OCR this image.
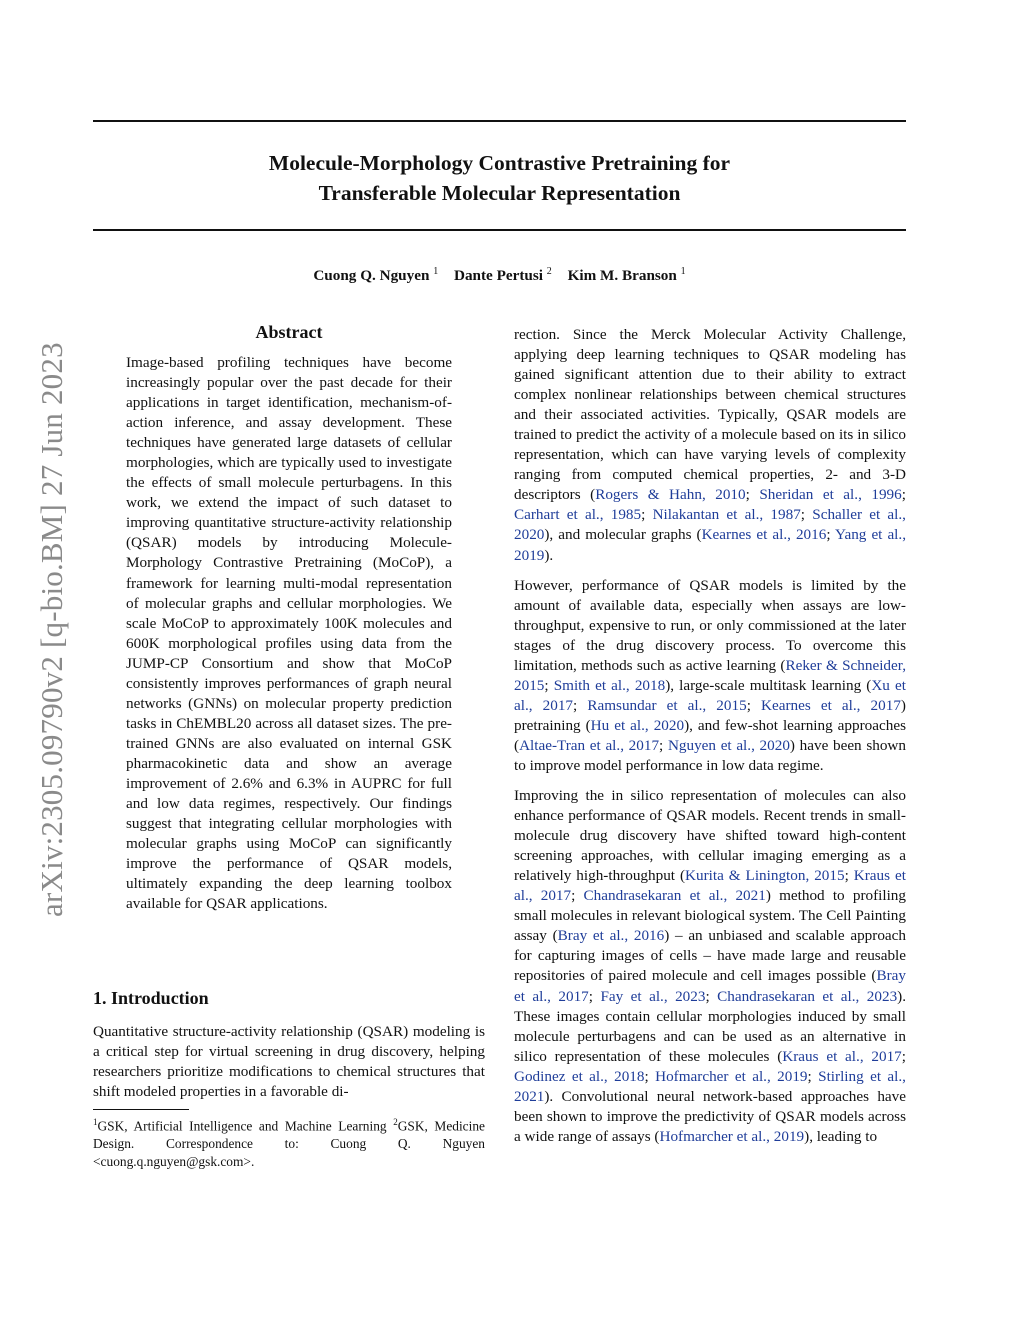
Molecule-Morphology Contrastive Pretraining for
Transferable Molecular Representation
Cuong Q. Nguyen $^1$ Dante Pertusi $^2$ Kim M. Branson $^1$
arXiv:2305.09790v2 [q-bio.BM] 27 Jun 2023
Abstract
Image-based profiling techniques have become increasingly popular over the past decade for their applications in target identification, mechanism-of-action inference, and assay development. These techniques have generated large datasets of cellular morphologies, which are typically used to investigate the effects of small molecule perturbagens. In this work, we extend the impact of such dataset to improving quantitative structure-activity relationship (QSAR) models by introducing Molecule-Morphology Contrastive Pretraining (MoCoP), a framework for learning multi-modal representation of molecular graphs and cellular morphologies. We scale MoCoP to approximately 100K molecules and 600K morphological profiles using data from the JUMP-CP Consortium and show that MoCoP consistently improves performances of graph neural networks (GNNs) on molecular property prediction tasks in ChEMBL20 across all dataset sizes. The pre-trained GNNs are also evaluated on internal GSK pharmacokinetic data and show an average improvement of 2.6% and 6.3% in AUPRC for full and low data regimes, respectively. Our findings suggest that integrating cellular morphologies with molecular graphs using MoCoP can significantly improve the performance of QSAR models, ultimately expanding the deep learning toolbox available for QSAR applications.
1. Introduction
Quantitative structure-activity relationship (QSAR) modeling is a critical step for virtual screening in drug discovery, helping researchers prioritize modifications to chemical structures that shift modeled properties in a favorable di-
$^1$GSK, Artificial Intelligence and Machine Learning $^2$GSK, Medicine Design. Correspondence to: Cuong Q. Nguyen <cuong.q.nguyen@gsk.com>.

rection. Since the Merck Molecular Activity Challenge, applying deep learning techniques to QSAR modeling has gained significant attention due to their ability to extract complex nonlinear relationships between chemical structures and their associated activities. Typically, QSAR models are trained to predict the activity of a molecule based on its in silico representation, which can have varying levels of complexity ranging from computed chemical properties, 2- and 3-D descriptors (Rogers & Hahn, 2010; Sheridan et al., 1996; Carhart et al., 1985; Nilakantan et al., 1987; Schaller et al., 2020), and molecular graphs (Kearnes et al., 2016; Yang et al., 2019).

However, performance of QSAR models is limited by the amount of available data, especially when assays are low-throughput, expensive to run, or only commissioned at the later stages of the drug discovery process. To overcome this limitation, methods such as active learning (Reker & Schneider, 2015; Smith et al., 2018), large-scale multitask learning (Xu et al., 2017; Ramsundar et al., 2015; Kearnes et al., 2017) pretraining (Hu et al., 2020), and few-shot learning approaches (Altae-Tran et al., 2017; Nguyen et al., 2020) have been shown to improve model performance in low data regime.

Improving the in silico representation of molecules can also enhance performance of QSAR models. Recent trends in small-molecule drug discovery have shifted toward high-content screening approaches, with cellular imaging emerging as a relatively high-throughput (Kurita & Linington, 2015; Kraus et al., 2017; Chandrasekaran et al., 2021) method to profiling small molecules in relevant biological system. The Cell Painting assay (Bray et al., 2016) – an unbiased and scalable approach for capturing images of cells – have made large and reusable repositories of paired molecule and cell images possible (Bray et al., 2017; Fay et al., 2023; Chandrasekaran et al., 2023). These images contain cellular morphologies induced by small molecule perturbagens and can be used as an alternative in silico representation of these molecules (Kraus et al., 2017; Godinez et al., 2018; Hofmarcher et al., 2019; Stirling et al., 2021). Convolutional neural network-based approaches have been shown to improve the predictivity of QSAR models across a wide range of assays (Hofmarcher et al., 2019), leading to
